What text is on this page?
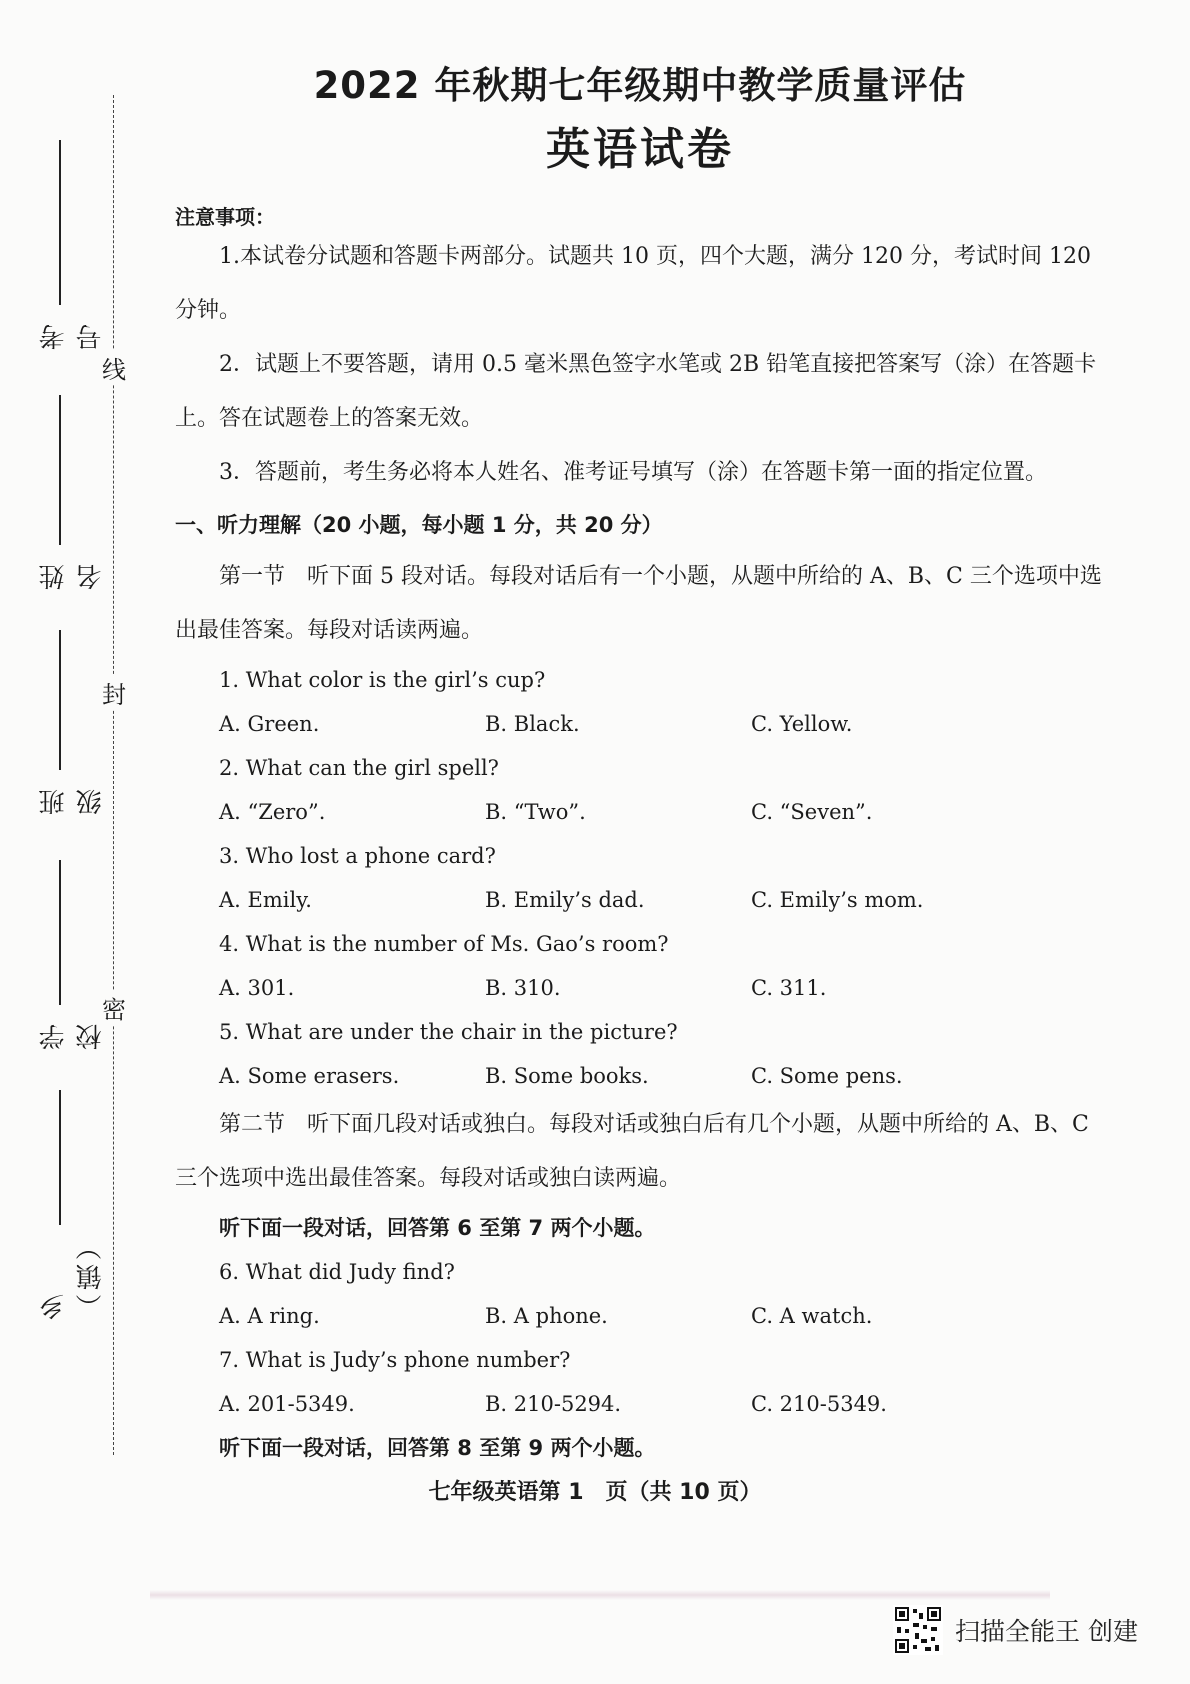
线
封
密
考号
姓名
班级
学校
乡（镇）
2022 年秋期七年级期中教学质量评估
英语试卷
注意事项：

1.本试卷分试题和答题卡两部分。试题共 10 页，四个大题，满分 120 分，考试时间 120 分钟。

2．试题上不要答题，请用 0.5 毫米黑色签字水笔或 2B 铅笔直接把答案写（涂）在答题卡上。答在试题卷上的答案无效。

3．答题前，考生务必将本人姓名、准考证号填写（涂）在答题卡第一面的指定位置。

一、听力理解（20 小题，每小题 1 分，共 20 分）

第一节　听下面 5 段对话。每段对话后有一个小题，从题中所给的 A、B、C 三个选项中选出最佳答案。每段对话读两遍。

1. What color is the girl’s cup?

A. Green.	B. Black.	C. Yellow.

2. What can the girl spell?

A. “Zero”.	B. “Two”.	C. “Seven”.

3. Who lost a phone card?

A. Emily.	B. Emily’s dad.	C. Emily’s mom.

4. What is the number of Ms. Gao’s room?

A. 301.	B. 310.	C. 311.

5. What are under the chair in the picture?

A. Some erasers.	B. Some books.	C. Some pens.

第二节　听下面几段对话或独白。每段对话或独白后有几个小题，从题中所给的 A、B、C 三个选项中选出最佳答案。每段对话或独白读两遍。

听下面一段对话，回答第 6 至第 7 两个小题。

6. What did Judy find?

A. A ring.	B. A phone.	C. A watch.

7. What is Judy’s phone number?

A. 201-5349.	B. 210-5294.	C. 210-5349.
听下面一段对话，回答第 8 至第 9 两个小题。
七年级英语第 1 页（共 10 页）
扫描全能王 创建
